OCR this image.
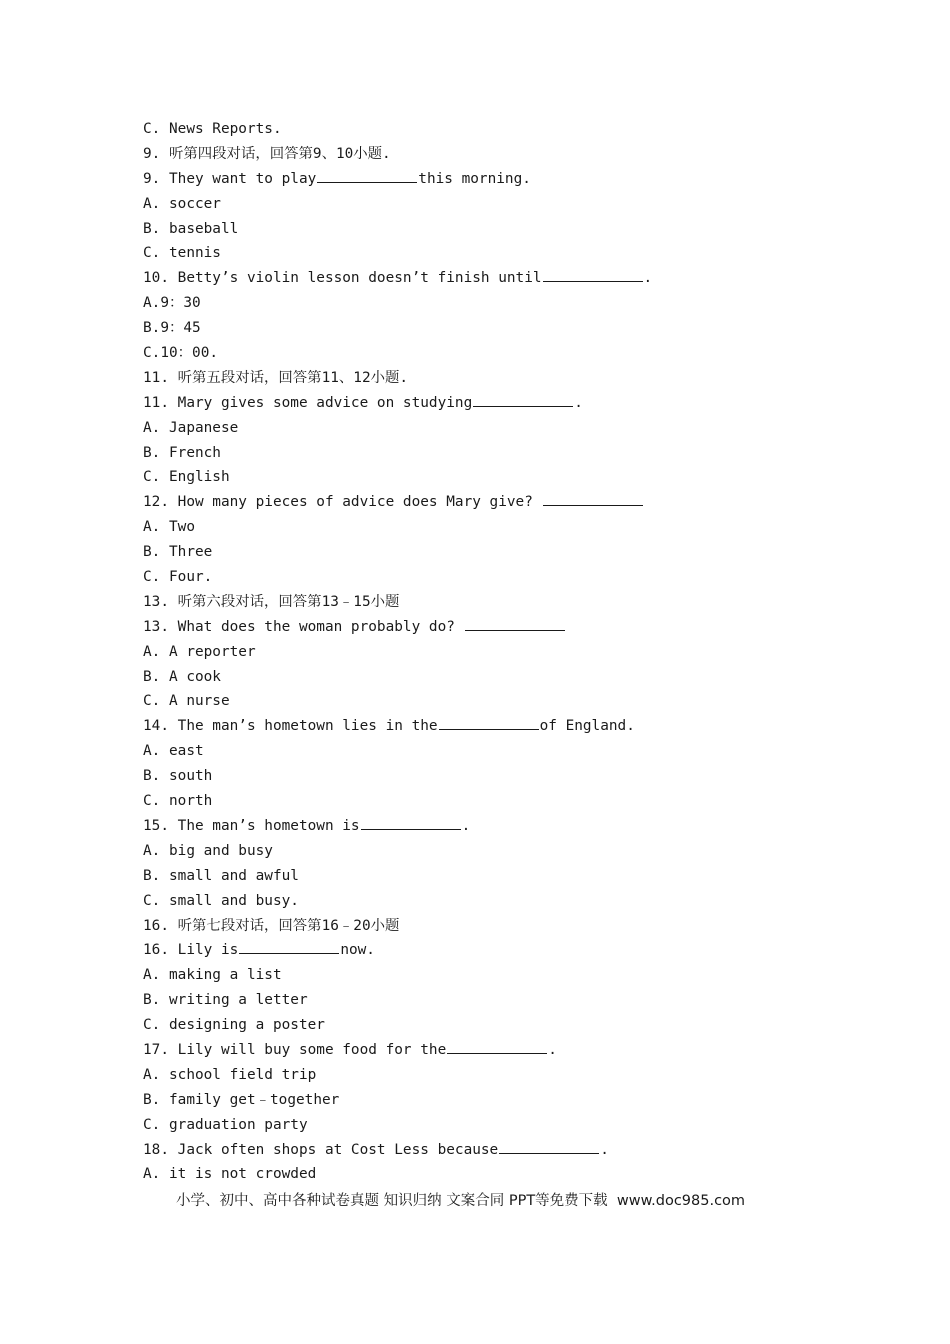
C. News Reports.
9. 听第四段对话，回答第9、10小题.
9. They want to play	this morning.
A. soccer
B. baseball
C. tennis
10. Betty’s violin lesson doesn’t finish until	.
A.9：30
B.9：45
C.10：00.
11. 听第五段对话，回答第11、12小题.
11. Mary gives some advice on studying	.
A. Japanese
B. French
C. English
12. How many pieces of advice does Mary give?
A. Two
B. Three
C. Four.
13. 听第六段对话，回答第13﹣15小题
13. What does the woman probably do?
A. A reporter
B. A cook
C. A nurse
14. The man’s hometown lies in the	of England.
A. east
B. south
C. north
15. The man’s hometown is	.
A. big and busy
B. small and awful
C. small and busy.
16. 听第七段对话，回答第16﹣20小题
16. Lily is	now.
A. making a list
B. writing a letter
C. designing a poster
17. Lily will buy some food for the	.
A. school field trip
B. family get﹣together
C. graduation party
18. Jack often shops at Cost Less because	.
A. it is not crowded
小学、初中、高中各种试卷真题 知识归纳 文案合同 PPT等免费下载  www.doc985.com
